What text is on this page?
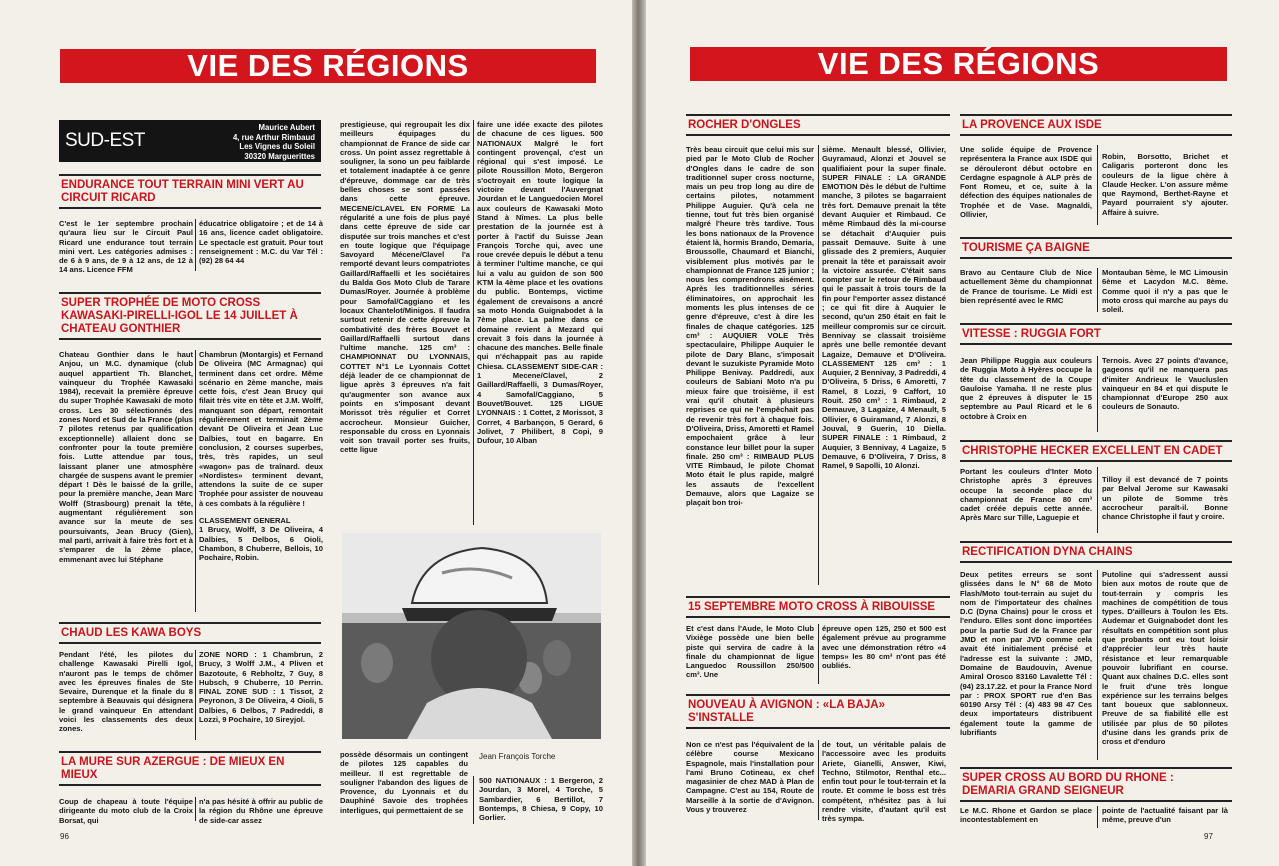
VIE DES RÉGIONS
SUD-EST
Maurice Aubert
4, rue Arthur Rimbaud
Les Vignes du Soleil
30320 Marguerittes
ENDURANCE TOUT TERRAIN MINI VERT AU CIRCUIT RICARD

C'est le 1er septembre prochain qu'aura lieu sur le Circuit Paul Ricard une endurance tout terrain mini vert. Les catégories admises : de 6 à 9 ans, de 9 à 12 ans, de 12 à 14 ans. Licence FFM

éducatrice obligatoire ; et de 14 à 16 ans, licence cadet obligatoire. Le spectacle est gratuit. Pour tout renseignement : M.C. du Var Tél : (92) 28 64 44

SUPER TROPHÉE DE MOTO CROSS KAWASAKI-PIRELLI-IGOL LE 14 JUILLET À CHATEAU GONTHIER

Chateau Gonthier dans le haut Anjou, un M.C. dynamique (club auquel appartient Th. Blanchet, vainqueur du Trophée Kawasaki 1984), recevait la première épreuve du super Trophée Kawasaki de moto cross. Les 30 sélectionnés des zones Nord et Sud de la France (plus 7 pilotes retenus par qualification exceptionnelle) allaient donc se confronter pour la toute première fois. Lutte attendue par tous, laissant planer une atmosphère chargée de suspens avant le premier départ ! Dès le baissé de la grille, pour la première manche, Jean Marc Wolff (Strasbourg) prenait la tête, augmentant régulièrement son avance sur la meute de ses poursuivants, Jean Brucy (Gien), mal parti, arrivait à faire très fort et à s'emparer de la 2ème place, emmenant avec lui Stéphane

Chambrun (Montargis) et Fernand De Oliveira (MC Armagnac) qui terminent dans cet ordre. Même scénario en 2ème manche, mais cette fois, c'est Jean Brucy qui filait très vite en tête et J.M. Wolff, manquant son départ, remontait régulièrement et terminait 2ème devant De Oliveira et Jean Luc Dalbies, tout en bagarre. En conclusion, 2 courses superbes, très, très rapides, un seul «wagon» pas de traînard. deux «Nordistes» terminent devant, attendons la suite de ce super Trophée pour assister de nouveau à ces combats à la régulière !

CLASSEMENT GENERAL
1 Brucy, Wolff, 3 De Oliveira, 4 Dalbies, 5 Delbos, 6 Oioli, Chambon, 8 Chuberre, Bellois, 10 Pochaire, Robin.

CHAUD LES KAWA BOYS

Pendant l'été, les pilotes du challenge Kawasaki Pirelli Igol, n'auront pas le temps de chômer avec les épreuves finales de Ste Sevaire, Durenque et la finale du 8 septembre à Beauvais qui désignera le grand vainqueur En attendant voici les classements des deux zones.

ZONE NORD : 1 Chambrun, 2 Brucy, 3 Wolff J.M., 4 Pliven et Bazotoute, 6 Rebholtz, 7 Guy, 8 Hubsch, 9 Chuberre, 10 Perrin. FINAL ZONE SUD : 1 Tissot, 2 Peyronon, 3 De Oliveira, 4 Oioli, 5 Dalbies, 6 Delbos, 7 Padreddi, 8 Lozzi, 9 Pochaire, 10 Sireyjol.

LA MURE SUR AZERGUE : DE MIEUX EN MIEUX

Coup de chapeau à toute l'équipe dirigeante du moto club de la Croix Borsat, qui

n'a pas hésité à offrir au public de la région du Rhône une épreuve de side-car assez

prestigieuse, qui regroupait les dix meilleurs équipages du championnat de France de side car cross. Un point assez regrettable à souligner, la sono un peu faiblarde et totalement inadaptée à ce genre d'épreuve, dommage car de très belles choses se sont passées dans cette épreuve. MECENE/CLAVEL EN FORME La régularité a une fois de plus payé dans cette épreuve de side car disputée sur trois manches et c'est en toute logique que l'équipage Savoyard Mécene/Clavel l'a remporté devant leurs compatriotes Gaillard/Raffaelli et les sociétaires du Balda Gos Moto Club de Tarare Dumas/Royer. Journée à problème pour Samofal/Caggiano et les locaux Chantelot/Minigos. Il faudra surtout retenir de cette épreuve la combativité des frères Bouvet et Gaillard/Raffaelli surtout dans l'ultime manche. 125 cm³ : CHAMPIONNAT DU LYONNAIS, COTTET N°1 Le Lyonnais Cottet déjà leader de ce championnat de ligue après 3 épreuves n'a fait qu'augmenter son avance aux points en s'imposant devant Morissot très régulier et Corret accrocheur. Monsieur Guicher, responsable du cross en Lyonnais voit son travail porter ses fruits, cette ligue

faire une idée exacte des pilotes de chacune de ces ligues. 500 NATIONAUX Malgré le fort contingent provençal, c'est un régional qui s'est imposé. Le pilote Roussillon Moto, Bergeron s'octroyait en toute logique la victoire devant l'Auvergnat Jourdan et le Languedocien Morel aux couleurs de Kawasaki Moto Stand à Nîmes. La plus belle prestation de la journée est à porter à l'actif du Suisse Jean François Torche qui, avec une roue crevée depuis le début a tenu à terminer l'ultime manche, ce qui lui a valu au guidon de son 500 KTM la 4ème place et les ovations du public. Bontemps, victime également de crevaisons a ancré sa moto Honda Guignabodet à la 7ème place. La palme dans ce domaine revient à Mezard qui crevait 3 fois dans la journée à chacune des manches. Belle finale qui n'échappait pas au rapide Chiesa. CLASSEMENT SIDE-CAR : 1 Mecene/Clavel, 2 Gaillard/Raffaelli, 3 Dumas/Royer, 4 Samofal/Caggiano, 5 Bouvet/Bouvet. 125 LIGUE LYONNAIS : 1 Cottet, 2 Morissot, 3 Corret, 4 Barbançon, 5 Gerard, 6 Jolivet, 7 Philibert, 8 Copi, 9 Dufour, 10 Alban

Jean François Torche

possède désormais un contingent de pilotes 125 capables du meilleur. Il est regrettable de souligner l'abandon des ligues de Provence, du Lyonnais et du Dauphiné Savoie des trophées interligues, qui permettaient de se

500 NATIONAUX : 1 Bergeron, 2 Jourdan, 3 Morel, 4 Torche, 5 Sambardier, 6 Bertillot, 7 Bontemps, 8 Chiesa, 9 Copy, 10 Gorlier.

96
VIE DES RÉGIONS
ROCHER D'ONGLES

Très beau circuit que celui mis sur pied par le Moto Club de Rocher d'Ongles dans le cadre de son traditionnel super cross nocturne, mais un peu trop long au dire de certains pilotes, notamment Philippe Auguier. Qu'à cela ne tienne, tout fut très bien organisé malgré l'heure très tardive. Tous les bons nationaux de la Provence étaient là, hormis Brando, Demaria, Broussolle, Chaumard et Bianchi, visiblement plus motivés par le championnat de France 125 junior ; nous les comprendrons aisément. Après les traditionnelles séries éliminatoires, on approchait les moments les plus intenses de ce genre d'épreuve, c'est à dire les finales de chaque catégories. 125 cm³ : AUQUIER VOLE Très spectaculaire, Philippe Auquier le pilote de Dary Blanc, s'imposait devant le suzukiste Pyramide Moto Philippe Benivay. Paddredi, aux couleurs de Sabiani Moto n'a pu mieux faire que troisième, il est vrai qu'il chutait à plusieurs reprises ce qui ne l'empêchait pas de revenir très fort à chaque fois. D'Oliveira, Driss, Amoretti et Ramel empochaient grâce à leur constance leur billet pour la super finale. 250 cm³ : RIMBAUD PLUS VITE Rimbaud, le pilote Chomat Moto était le plus rapide, malgré les assauts de l'excellent Demauve, alors que Lagaize se plaçait bon troi-

sième. Menault blessé, Ollivier, Guyramaud, Alonzi et Jouvel se qualifiaient pour la super finale. SUPER FINALE : LA GRANDE EMOTION Dès le début de l'ultime manche, 3 pilotes se bagarraient très fort. Demauve prenait la tête devant Auquier et Rimbaud. Ce même Rimbaud dès la mi-course se détachait d'Auquier puis passait Demauve. Suite à une glissade des 2 premiers, Auquier prenait la tête et paraissait avoir la victoire assurée. C'était sans compter sur le retour de Rimbaud qui le passait à trois tours de la fin pour l'emporter assez distancé ; ce qui fit dire à Auquier le second, qu'un 250 était en fait le meilleur compromis sur ce circuit. Bennivay se classait troisième après une belle remontée devant Lagaize, Demauve et D'Oliveira. CLASSEMENT 125 cm³ : 1 Auquier, 2 Bennivay, 3 Padreddi, 4 D'Oliveira, 5 Driss, 6 Amoretti, 7 Ramel, 8 Lozzi, 9 Caffort, 10 Rouit. 250 cm³ : 1 Rimbaud, 2 Demauve, 3 Lagaize, 4 Menault, 5 Ollivier, 6 Guiramand, 7 Alonzi, 8 Jouval, 9 Guerin, 10 Diella. SUPER FINALE : 1 Rimbaud, 2 Auquier, 3 Bennivay, 4 Lagaize, 5 Demauve, 6 D'Oliveira, 7 Driss, 8 Ramel, 9 Sapolli, 10 Alonzi.

15 SEPTEMBRE MOTO CROSS À RIBOUISSE

Et c'est dans l'Aude, le Moto Club Vixiège possède une bien belle piste qui servira de cadre à la finale du championnat de ligue Languedoc Roussillon 250/500 cm³. Une

épreuve open 125, 250 et 500 est également prévue au programme avec une démonstration rétro «4 temps» les 80 cm³ n'ont pas été oubliés.

NOUVEAU À AVIGNON : «LA BAJA» S'INSTALLE

Non ce n'est pas l'équivalent de la célèbre course Mexicano Espagnole, mais l'installation pour l'ami Bruno Cotineau, ex chef magasinier de chez MAD à Plan de Campagne. C'est au 154, Route de Marseille à la sortie de d'Avignon. Vous y trouverez

de tout, un véritable palais de l'accessoire avec les produits Ariete, Gianelli, Answer, Kiwi, Techno, Stilmotor, Renthal etc... enfin tout pour le tout-terrain et la route. Et comme le boss est très compétent, n'hésitez pas à lui rendre visite, d'autant qu'il est très sympa.

LA PROVENCE AUX ISDE

Une solide équipe de Provence représentera la France aux ISDE qui se dérouleront début octobre en Cerdagne espagnole à ALP près de Font Romeu, et ce, suite à la défection des équipes nationales de Trophée et de Vase. Magnaldi, Ollivier,

Robin, Borsotto, Brichet et Caligaris porteront donc les couleurs de la ligue chère à Claude Hecker. L'on assure même que Raymond, Berthet-Rayne et Payard pourraient s'y ajouter. Affaire à suivre.

TOURISME ÇA BAIGNE

Bravo au Centaure Club de Nice actuellement 3ème du championnat de France de tourisme. Le Midi est bien représenté avec le RMC

Montauban 5ème, le MC Limousin 6ème et Lacydon M.C. 8ème. Comme quoi il n'y a pas que le moto cross qui marche au pays du soleil.

VITESSE : RUGGIA FORT

Jean Philippe Ruggia aux couleurs de Ruggia Moto à Hyères occupe la tête du classement de la Coupe Gauloise Yamaha. Il ne reste plus que 2 épreuves à disputer le 15 septembre au Paul Ricard et le 6 octobre à Croix en

Ternois. Avec 27 points d'avance, gageons qu'il ne manquera pas d'imiter Andrieux le Vaucluslen vainqueur en 84 et qui dispute le championnat d'Europe 250 aux couleurs de Sonauto.

CHRISTOPHE HECKER EXCELLENT EN CADET

Portant les couleurs d'Inter Moto Christophe après 3 épreuves occupe la seconde place du championnat de France 80 cm³ cadet créée depuis cette année. Après Marc sur Tille, Laguepie et

Tilloy il est devancé de 7 points par Belval Jerome sur Kawasaki un pilote de Somme très accrocheur paraît-il. Bonne chance Christophe il faut y croire.

RECTIFICATION DYNA CHAINS

Deux petites erreurs se sont glissées dans le N° 68 de Moto Flash/Moto tout-terrain au sujet du nom de l'importateur des chaînes D.C (Dyna Chains) pour le cross et l'enduro. Elles sont donc importées pour la partie Sud de la France par JMD et non par JVD comme cela avait été initialement précisé et l'adresse est la suivante : JMD, Domaine de Baudouvin, Avenue Amiral Orosco 83160 Lavalette Tél : (94) 23.17.22. et pour la France Nord par : PROX SPORT rue d'en Bas 60190 Arsy Tél : (4) 483 98 47 Ces deux importateurs distribuent également toute la gamme de lubrifiants

Putoline qui s'adressent aussi bien aux motos de route que de tout-terrain y compris les machines de compétition de tous types. D'ailleurs à Toulon les Ets. Audemar et Guignabodet dont les résultats en compétition sont plus que probants ont eu tout loisir d'apprécier leur très haute résistance et leur remarquable pouvoir lubrifiant en course. Quant aux chaînes D.C. elles sont le fruit d'une très longue expérience sur les terrains belges tant boueux que sablonneux. Preuve de sa fiabilité elle est utilisée par plus de 50 pilotes d'usine dans les grands prix de cross et d'enduro

SUPER CROSS AU BORD DU RHONE : DEMARIA GRAND SEIGNEUR

Le M.C. Rhone et Gardon se place incontestablement en

pointe de l'actualité faisant par là même, preuve d'un

97
